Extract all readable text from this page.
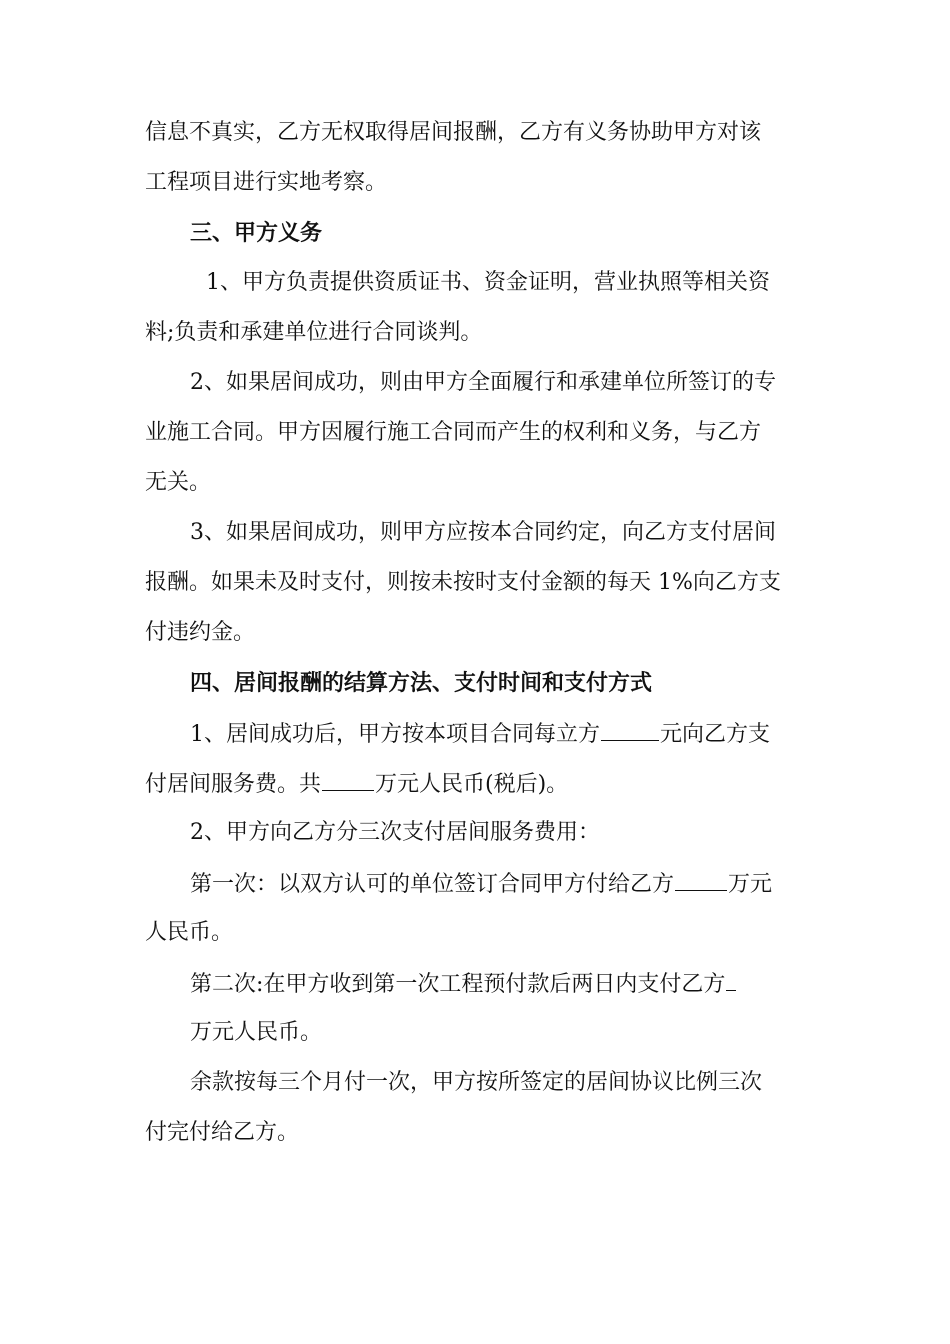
信息不真实，乙方无权取得居间报酬，乙方有义务协助甲方对该
工程项目进行实地考察。
三、甲方义务
1、甲方负责提供资质证书、资金证明，营业执照等相关资
料;负责和承建单位进行合同谈判。
2、如果居间成功，则由甲方全面履行和承建单位所签订的专
业施工合同。甲方因履行施工合同而产生的权利和义务，与乙方
无关。
3、如果居间成功，则甲方应按本合同约定，向乙方支付居间
报酬。如果未及时支付，则按未按时支付金额的每天 1%向乙方支
付违约金。
四、居间报酬的结算方法、支付时间和支付方式
1、居间成功后，甲方按本项目合同每立方	元向乙方支
付居间服务费。共 万元人民币(税后)。
2、甲方向乙方分三次支付居间服务费用：
第一次：以双方认可的单位签订合同甲方付给乙方 万元
人民币。
第二次:在甲方收到第一次工程预付款后两日内支付乙方
万元人民币。
余款按每三个月付一次，甲方按所签定的居间协议比例三次
付完付给乙方。
